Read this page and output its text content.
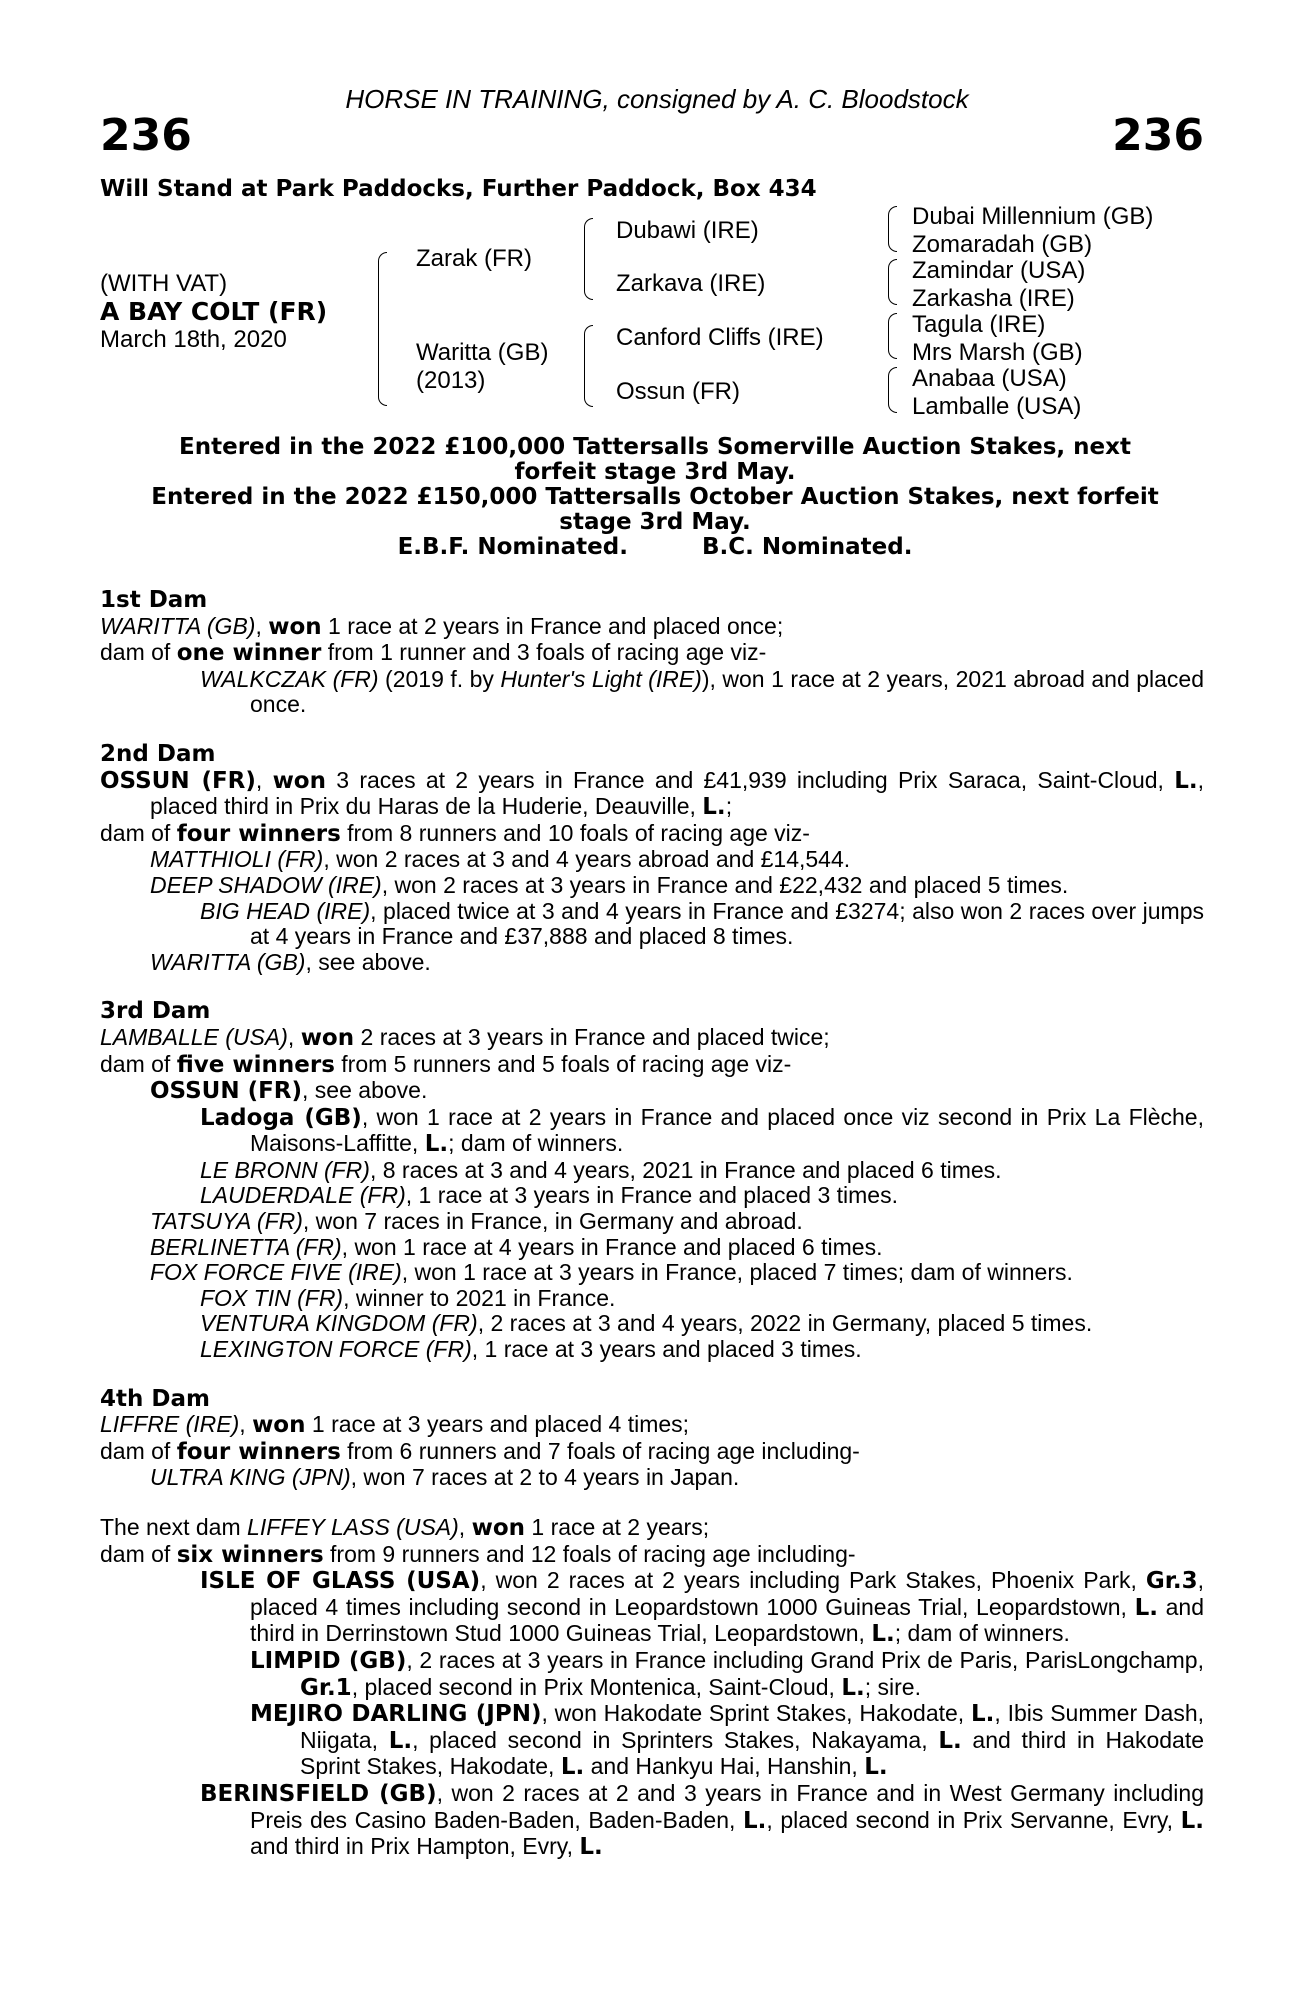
HORSE IN TRAINING, consigned by A. C. Bloodstock
236	236
Will Stand at Park Paddocks, Further Paddock, Box 434
(WITH VAT)
A BAY COLT (FR)
March 18th, 2020
Zarak (FR)
Waritta (GB)
(2013)
Dubawi (IRE)
Zarkava (IRE)
Canford Cliffs (IRE)
Ossun (FR)
Dubai Millennium (GB)
Zomaradah (GB)
Zamindar (USA)
Zarkasha (IRE)
Tagula (IRE)
Mrs Marsh (GB)
Anabaa (USA)
Lamballe (USA)
Entered in the 2022 £100,000 Tattersalls Somerville Auction Stakes, next
forfeit stage 3rd May.
Entered in the 2022 £150,000 Tattersalls October Auction Stakes, next forfeit
stage 3rd May.
E.B.F. Nominated.	B.C. Nominated.
1st Dam
WARITTA (GB), won 1 race at 2 years in France and placed once;
dam of one winner from 1 runner and 3 foals of racing age viz-
WALKCZAK (FR) (2019 f. by Hunter's Light (IRE)), won 1 race at 2 years, 2021 abroad and placed once.
2nd Dam
OSSUN (FR), won 3 races at 2 years in France and £41,939 including Prix Saraca, Saint-Cloud, L., placed third in Prix du Haras de la Huderie, Deauville, L.;
dam of four winners from 8 runners and 10 foals of racing age viz-
MATTHIOLI (FR), won 2 races at 3 and 4 years abroad and £14,544.
DEEP SHADOW (IRE), won 2 races at 3 years in France and £22,432 and placed 5 times.
BIG HEAD (IRE), placed twice at 3 and 4 years in France and £3274; also won 2 races over jumps at 4 years in France and £37,888 and placed 8 times.
WARITTA (GB), see above.
3rd Dam
LAMBALLE (USA), won 2 races at 3 years in France and placed twice;
dam of five winners from 5 runners and 5 foals of racing age viz-
OSSUN (FR), see above.
Ladoga (GB), won 1 race at 2 years in France and placed once viz second in Prix La Flèche, Maisons-Laffitte, L.; dam of winners.
LE BRONN (FR), 8 races at 3 and 4 years, 2021 in France and placed 6 times.
LAUDERDALE (FR), 1 race at 3 years in France and placed 3 times.
TATSUYA (FR), won 7 races in France, in Germany and abroad.
BERLINETTA (FR), won 1 race at 4 years in France and placed 6 times.
FOX FORCE FIVE (IRE), won 1 race at 3 years in France, placed 7 times; dam of winners.
FOX TIN (FR), winner to 2021 in France.
VENTURA KINGDOM (FR), 2 races at 3 and 4 years, 2022 in Germany, placed 5 times.
LEXINGTON FORCE (FR), 1 race at 3 years and placed 3 times.
4th Dam
LIFFRE (IRE), won 1 race at 3 years and placed 4 times;
dam of four winners from 6 runners and 7 foals of racing age including-
ULTRA KING (JPN), won 7 races at 2 to 4 years in Japan.
The next dam LIFFEY LASS (USA), won 1 race at 2 years;
dam of six winners from 9 runners and 12 foals of racing age including-
ISLE OF GLASS (USA), won 2 races at 2 years including Park Stakes, Phoenix Park, Gr.3, placed 4 times including second in Leopardstown 1000 Guineas Trial, Leopardstown, L. and third in Derrinstown Stud 1000 Guineas Trial, Leopardstown, L.; dam of winners.
LIMPID (GB), 2 races at 3 years in France including Grand Prix de Paris, ParisLongchamp, Gr.1, placed second in Prix Montenica, Saint-Cloud, L.; sire.
MEJIRO DARLING (JPN), won Hakodate Sprint Stakes, Hakodate, L., Ibis Summer Dash, Niigata, L., placed second in Sprinters Stakes, Nakayama, L. and third in Hakodate Sprint Stakes, Hakodate, L. and Hankyu Hai, Hanshin, L.
BERINSFIELD (GB), won 2 races at 2 and 3 years in France and in West Germany including Preis des Casino Baden-Baden, Baden-Baden, L., placed second in Prix Servanne, Evry, L. and third in Prix Hampton, Evry, L.
